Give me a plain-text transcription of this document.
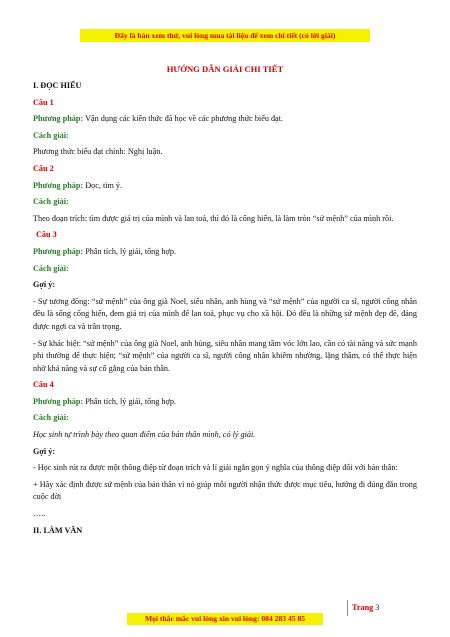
Đây là bản xem thử, vui lòng mua tài liệu để xem chi tiết (có lời giải)
HƯỚNG DẪN GIẢI CHI TIẾT
I. ĐỌC HIỂU
Câu 1
Phương pháp: Vận dụng các kiến thức đã học về các phương thức biểu đạt.
Cách giải:
Phương thức biểu đạt chính: Nghị luận.
Câu 2
Phương pháp: Đọc, tìm ý.
Cách giải:
Theo đoạn trích: tìm được giá trị của mình và lan toả, thì đó là cống hiến, là làm tròn “sứ mệnh” của mình rồi.
Câu 3
Phương pháp: Phân tích, lý giải, tổng hợp.
Cách giải:
Gợi ý:
- Sự tương đồng: “sứ mệnh” của ông già Noel, siêu nhân, anh hùng và “sứ mệnh” của người ca sĩ, người công nhân đều là sống cống hiến, đem giá trị của mình để lan toả, phục vụ cho xã hội. Đó đều là những sứ mệnh đẹp đẽ, đáng được ngợi ca và trân trọng.
- Sự khác biệt: “sứ mệnh” của ông già Noel, anh hùng, siêu nhân mang tầm vóc lớn lao, cần có tài năng và sức mạnh phi thường để thực hiện; “sứ mệnh” của người ca sĩ, người công nhân khiêm nhường, lặng thầm, có thể thực hiện nhờ khả năng và sự cố gắng của bản thân.
Câu 4
Phương pháp: Phân tích, lý giải, tổng hợp.
Cách giải:
Học sinh tự trình bày theo quan điểm của bản thân mình, có lý giải.
Gợi ý:
- Học sinh rút ra được một thông điệp từ đoạn trích và lí giải ngắn gọn ý nghĩa của thông điệp đối với bản thân:
+ Hãy xác định được sứ mệnh của bản thân vì nó giúp mỗi người nhận thức được mục tiêu, hướng đi đúng đắn trong cuộc đời
…..
II. LÀM VĂN
Trang 3
Mọi thắc mắc vui lòng xin vui lòng: 084 283 45 85
